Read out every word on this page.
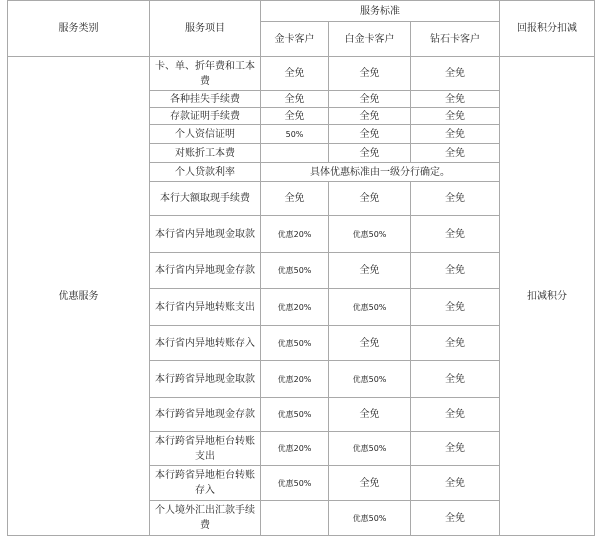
服务类别	服务项目	服务标准			回报积分扣减
		金卡客户	白金卡客户	钻石卡客户	
优惠服务	卡、单、折年费和工本费	全免	全免	全免	扣减积分
	各种挂失手续费	全免	全免	全免	
	存款证明手续费	全免	全免	全免	
	个人资信证明	50%	全免	全免	
	对账折工本费		全免	全免	
	个人贷款利率	具体优惠标准由一级分行确定。			
	本行大额取现手续费	全免	全免	全免	
	本行省内异地现金取款	优惠20%	优惠50%	全免	
	本行省内异地现金存款	优惠50%	全免	全免	
	本行省内异地转账支出	优惠20%	优惠50%	全免	
	本行省内异地转账存入	优惠50%	全免	全免	
	本行跨省异地现金取款	优惠20%	优惠50%	全免	
	本行跨省异地现金存款	优惠50%	全免	全免	
	本行跨省异地柜台转账支出	优惠20%	优惠50%	全免	
	本行跨省异地柜台转账存入	优惠50%	全免	全免	
	个人境外汇出汇款手续费		优惠50%	全免	
